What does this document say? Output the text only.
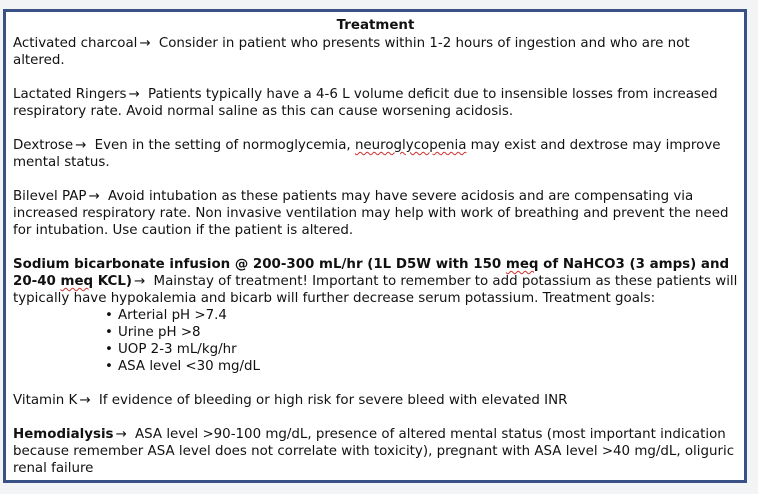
Treatment
Activated charcoal → Consider in patient who presents within 1-2 hours of ingestion and who are not altered.
Lactated Ringers → Patients typically have a 4-6 L volume deficit due to insensible losses from increased respiratory rate. Avoid normal saline as this can cause worsening acidosis.
Dextrose → Even in the setting of normoglycemia, neuroglycopenia may exist and dextrose may improve mental status.
Bilevel PAP → Avoid intubation as these patients may have severe acidosis and are compensating via increased respiratory rate. Non invasive ventilation may help with work of breathing and prevent the need for intubation. Use caution if the patient is altered.
Sodium bicarbonate infusion @ 200-300 mL/hr (1L D5W with 150 meq of NaHCO3 (3 amps) and 20-40 meq KCL) → Mainstay of treatment! Important to remember to add potassium as these patients will typically have hypokalemia and bicarb will further decrease serum potassium. Treatment goals:
• Arterial pH >7.4
• Urine pH >8
• UOP 2-3 mL/kg/hr
• ASA level <30 mg/dL
Vitamin K → If evidence of bleeding or high risk for severe bleed with elevated INR
Hemodialysis → ASA level >90-100 mg/dL, presence of altered mental status (most important indication because remember ASA level does not correlate with toxicity), pregnant with ASA level >40 mg/dL, oliguric renal failure
